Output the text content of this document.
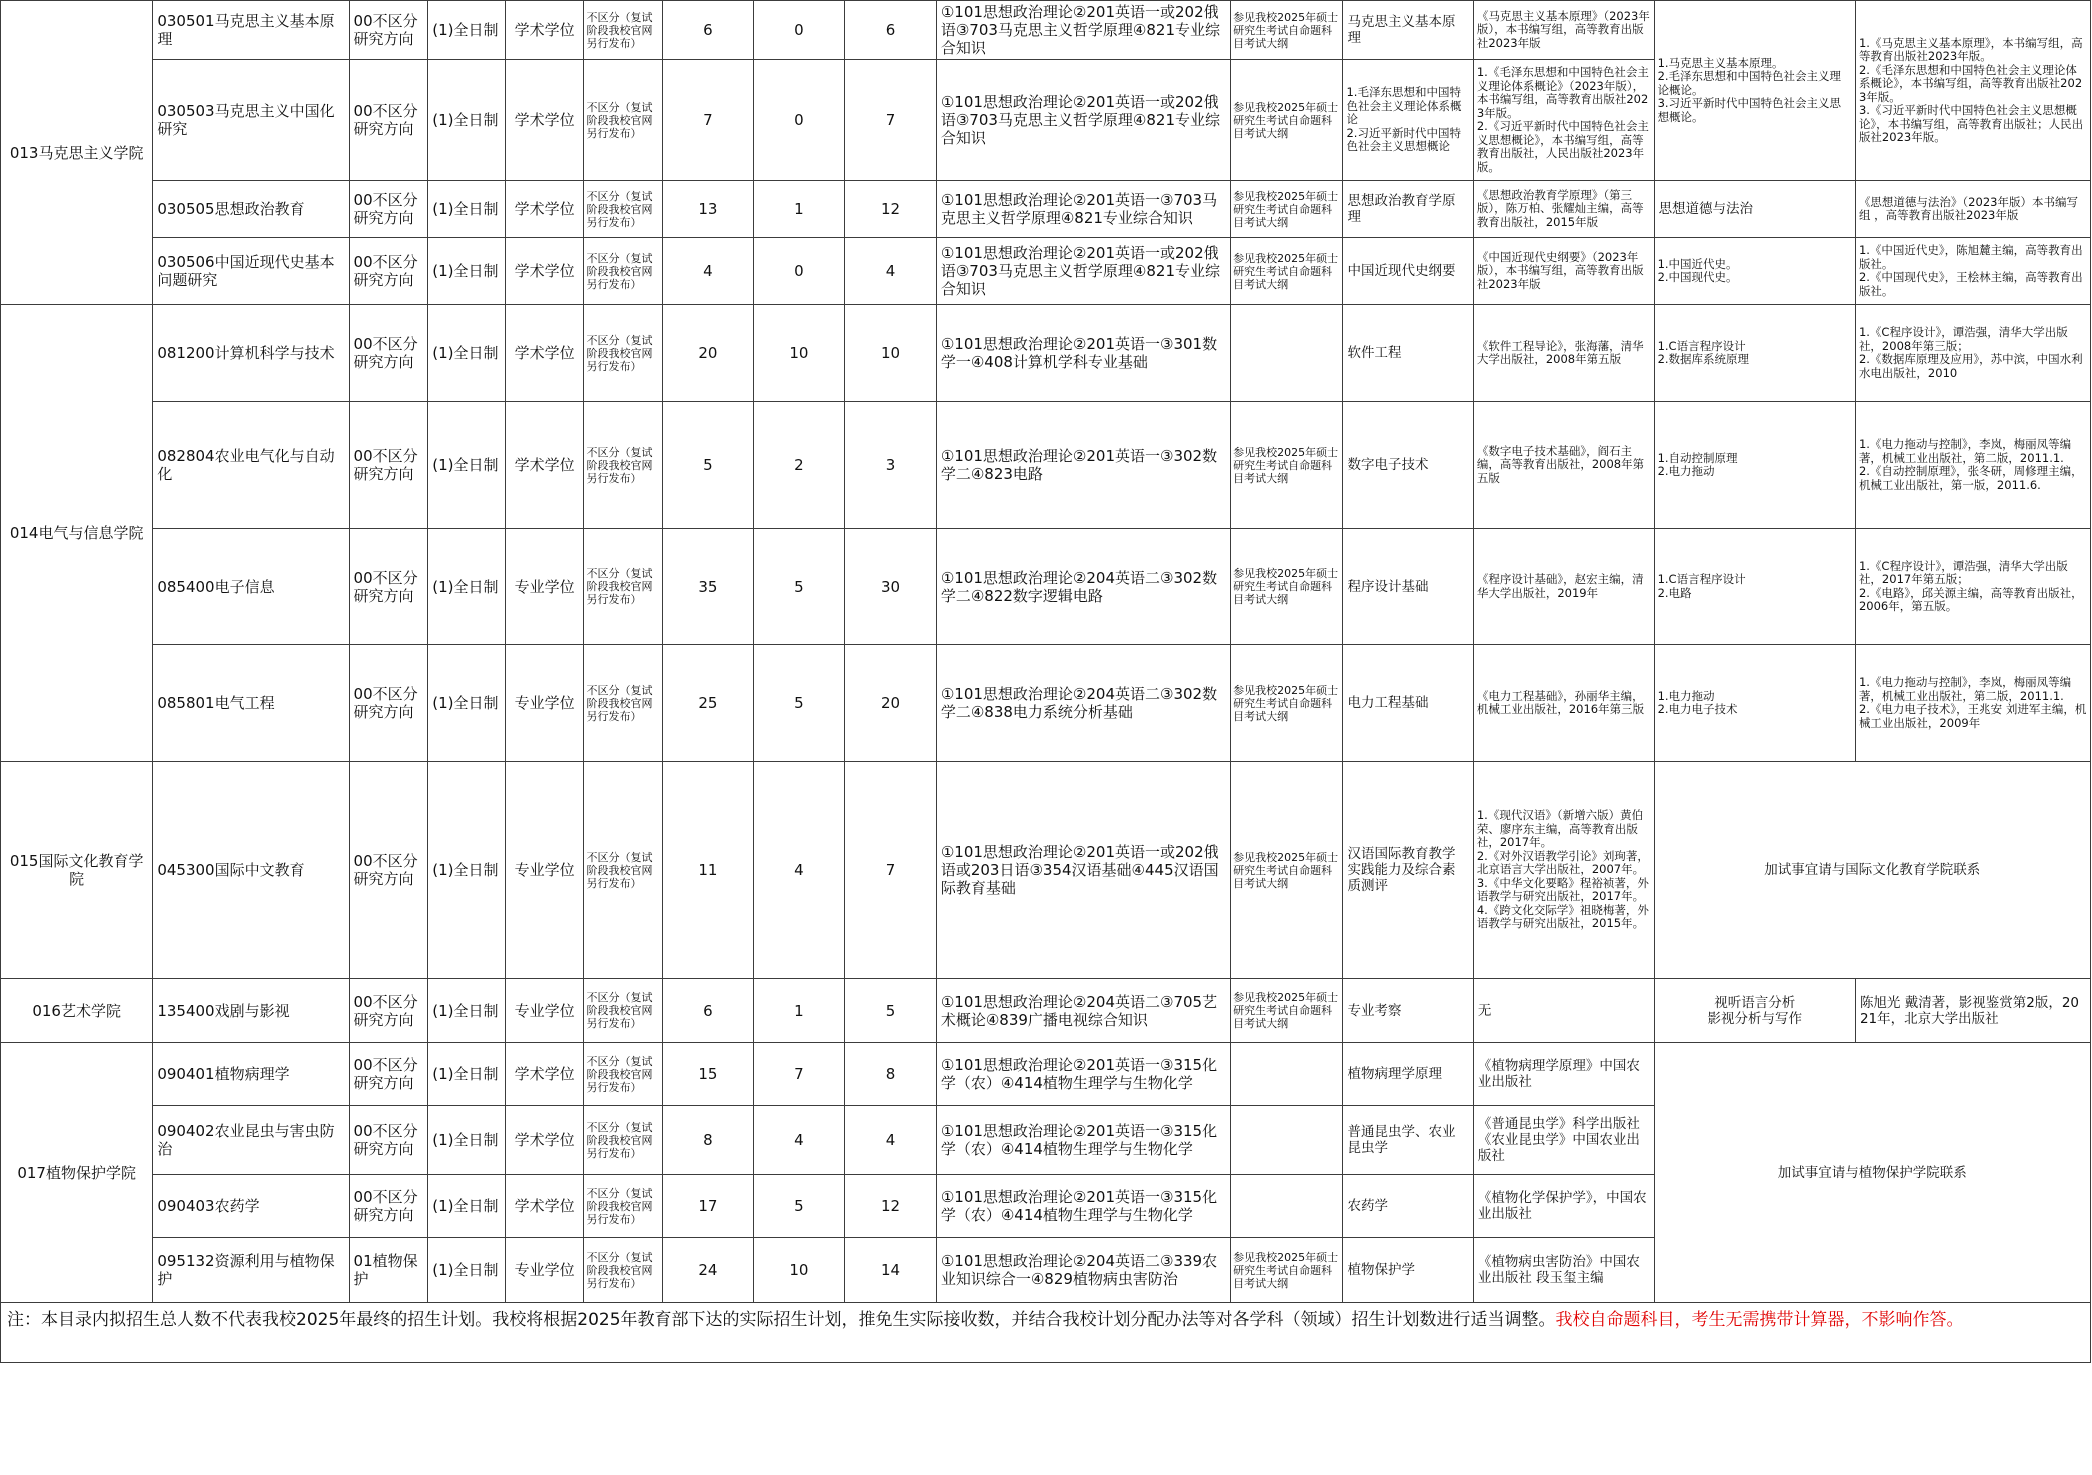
013马克思主义学院	030501马克思主义基本原理	00不区分研究方向	(1)全日制	学术学位	不区分（复试阶段我校官网另行发布）	6	0	6	①101思想政治理论②201英语一或202俄语③703马克思主义哲学原理④821专业综合知识	参见我校2025年硕士研究生考试自命题科目考试大纲	马克思主义基本原理	《马克思主义基本原理》（2023年版），本书编写组，高等教育出版社2023年版	1.马克思主义基本原理。
2.毛泽东思想和中国特色社会主义理论概论。
3.习近平新时代中国特色社会主义思想概论。	1.《马克思主义基本原理》，本书编写组，高等教育出版社2023年版。
2.《毛泽东思想和中国特色社会主义理论体系概论》，本书编写组，高等教育出版社2023年版。
3.《习近平新时代中国特色社会主义思想概论》，本书编写组，高等教育出版社；人民出版社2023年版。
	030503马克思主义中国化研究	00不区分研究方向	(1)全日制	学术学位	不区分（复试阶段我校官网另行发布）	7	0	7	①101思想政治理论②201英语一或202俄语③703马克思主义哲学原理④821专业综合知识	参见我校2025年硕士研究生考试自命题科目考试大纲	1.毛泽东思想和中国特色社会主义理论体系概论
2.习近平新时代中国特色社会主义思想概论	1.《毛泽东思想和中国特色社会主义理论体系概论》（2023年版），本书编写组，高等教育出版社2023年版。
2.《习近平新时代中国特色社会主义思想概论》，本书编写组，高等教育出版社，人民出版社2023年版。		
	030505思想政治教育	00不区分研究方向	(1)全日制	学术学位	不区分（复试阶段我校官网另行发布）	13	1	12	①101思想政治理论②201英语一③703马克思主义哲学原理④821专业综合知识	参见我校2025年硕士研究生考试自命题科目考试大纲	思想政治教育学原理	《思想政治教育学原理》（第三版），陈万柏、张耀灿主编，高等教育出版社，2015年版	思想道德与法治	《思想道德与法治》（2023年版）本书编写组 ，高等教育出版社2023年版
	030506中国近现代史基本问题研究	00不区分研究方向	(1)全日制	学术学位	不区分（复试阶段我校官网另行发布）	4	0	4	①101思想政治理论②201英语一或202俄语③703马克思主义哲学原理④821专业综合知识	参见我校2025年硕士研究生考试自命题科目考试大纲	中国近现代史纲要	《中国近现代史纲要》（2023年版），本书编写组，高等教育出版社2023年版	1.中国近代史。
2.中国现代史。	1.《中国近代史》，陈旭麓主编，高等教育出版社。
2.《中国现代史》，王桧林主编，高等教育出版社。
014电气与信息学院	081200计算机科学与技术	00不区分研究方向	(1)全日制	学术学位	不区分（复试阶段我校官网另行发布）	20	10	10	①101思想政治理论②201英语一③301数学一④408计算机学科专业基础		软件工程	《软件工程导论》，张海藩，清华大学出版社，2008年第五版	1.C语言程序设计
2.数据库系统原理	1.《C程序设计》，谭浩强，清华大学出版社，2008年第三版；
2.《数据库原理及应用》，苏中滨，中国水利水电出版社，2010
	082804农业电气化与自动化	00不区分研究方向	(1)全日制	学术学位	不区分（复试阶段我校官网另行发布）	5	2	3	①101思想政治理论②201英语一③302数学二④823电路	参见我校2025年硕士研究生考试自命题科目考试大纲	数字电子技术	《数字电子技术基础》，阎石主编，高等教育出版社，2008年第五版	1.自动控制原理
2.电力拖动	1.《电力拖动与控制》，李岚，梅丽凤等编著，机械工业出版社，第二版，2011.1.
2.《自动控制原理》，张冬研，周修理主编，机械工业出版社，第一版，2011.6.
	085400电子信息	00不区分研究方向	(1)全日制	专业学位	不区分（复试阶段我校官网另行发布）	35	5	30	①101思想政治理论②204英语二③302数学二④822数字逻辑电路	参见我校2025年硕士研究生考试自命题科目考试大纲	程序设计基础	《程序设计基础》，赵宏主编，清华大学出版社，2019年	1.C语言程序设计
2.电路	1.《C程序设计》，谭浩强，清华大学出版社，2017年第五版；
2.《电路》，邱关源主编，高等教育出版社，2006年，第五版。
	085801电气工程	00不区分研究方向	(1)全日制	专业学位	不区分（复试阶段我校官网另行发布）	25	5	20	①101思想政治理论②204英语二③302数学二④838电力系统分析基础	参见我校2025年硕士研究生考试自命题科目考试大纲	电力工程基础	《电力工程基础》，孙丽华主编，机械工业出版社，2016年第三版	1.电力拖动
2.电力电子技术	1.《电力拖动与控制》，李岚，梅丽凤等编著，机械工业出版社，第二版，2011.1.
2.《电力电子技术》，王兆安 刘进军主编，机械工业出版社，2009年
015国际文化教育学院	045300国际中文教育	00不区分研究方向	(1)全日制	专业学位	不区分（复试阶段我校官网另行发布）	11	4	7	①101思想政治理论②201英语一或202俄语或203日语③354汉语基础④445汉语国际教育基础	参见我校2025年硕士研究生考试自命题科目考试大纲	汉语国际教育教学实践能力及综合素质测评	1.《现代汉语》（新增六版）黄伯荣、廖序东主编，高等教育出版社，2017年。
2.《对外汉语教学引论》刘珣著，北京语言大学出版社，2007年。
3.《中华文化要略》程裕祯著，外语教学与研究出版社，2017年。
4.《跨文化交际学》祖晓梅著，外语教学与研究出版社，2015年。	加试事宜请与国际文化教育学院联系	
016艺术学院	135400戏剧与影视	00不区分研究方向	(1)全日制	专业学位	不区分（复试阶段我校官网另行发布）	6	1	5	①101思想政治理论②204英语二③705艺术概论④839广播电视综合知识	参见我校2025年硕士研究生考试自命题科目考试大纲	专业考察	无	视听语言分析
影视分析与写作	陈旭光 戴清著，影视鉴赏第2版，2021年，北京大学出版社
017植物保护学院	090401植物病理学	00不区分研究方向	(1)全日制	学术学位	不区分（复试阶段我校官网另行发布）	15	7	8	①101思想政治理论②201英语一③315化学（农）④414植物生理学与生物化学		植物病理学原理	《植物病理学原理》中国农业出版社	加试事宜请与植物保护学院联系	
	090402农业昆虫与害虫防治	00不区分研究方向	(1)全日制	学术学位	不区分（复试阶段我校官网另行发布）	8	4	4	①101思想政治理论②201英语一③315化学（农）④414植物生理学与生物化学		普通昆虫学、农业昆虫学	《普通昆虫学》科学出版社
《农业昆虫学》中国农业出版社		
	090403农药学	00不区分研究方向	(1)全日制	学术学位	不区分（复试阶段我校官网另行发布）	17	5	12	①101思想政治理论②201英语一③315化学（农）④414植物生理学与生物化学		农药学	《植物化学保护学》，中国农业出版社		
	095132资源利用与植物保护	01植物保护	(1)全日制	专业学位	不区分（复试阶段我校官网另行发布）	24	10	14	①101思想政治理论②204英语二③339农业知识综合一④829植物病虫害防治	参见我校2025年硕士研究生考试自命题科目考试大纲	植物保护学	《植物病虫害防治》中国农业出版社 段玉玺主编		
注：本目录内拟招生总人数不代表我校2025年最终的招生计划。我校将根据2025年教育部下达的实际招生计划，推免生实际接收数，并结合我校计划分配办法等对各学科（领域）招生计划数进行适当调整。我校自命题科目，考生无需携带计算器，不影响作答。														
